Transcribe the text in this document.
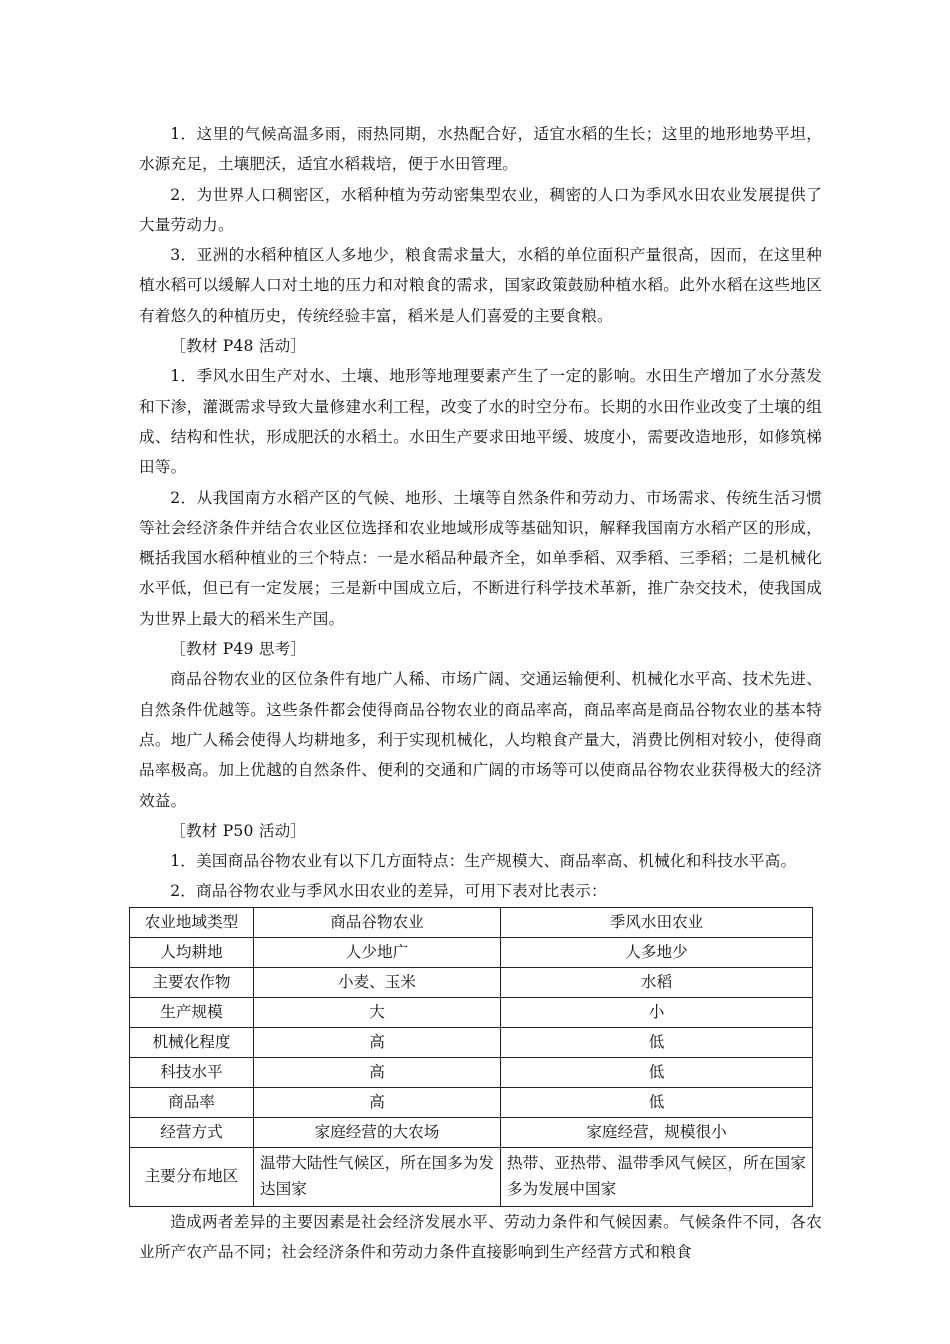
1．这里的气候高温多雨，雨热同期，水热配合好，适宜水稻的生长；这里的地形地势平坦，水源充足，土壤肥沃，适宜水稻栽培，便于水田管理。

2．为世界人口稠密区，水稻种植为劳动密集型农业，稠密的人口为季风水田农业发展提供了大量劳动力。

3．亚洲的水稻种植区人多地少，粮食需求量大，水稻的单位面积产量很高，因而，在这里种植水稻可以缓解人口对土地的压力和对粮食的需求，国家政策鼓励种植水稻。此外水稻在这些地区有着悠久的种植历史，传统经验丰富，稻米是人们喜爱的主要食粮。

［教材 P48 活动］

1．季风水田生产对水、土壤、地形等地理要素产生了一定的影响。水田生产增加了水分蒸发和下渗，灌溉需求导致大量修建水利工程，改变了水的时空分布。长期的水田作业改变了土壤的组成、结构和性状，形成肥沃的水稻土。水田生产要求田地平缓、坡度小，需要改造地形，如修筑梯田等。

2．从我国南方水稻产区的气候、地形、土壤等自然条件和劳动力、市场需求、传统生活习惯等社会经济条件并结合农业区位选择和农业地域形成等基础知识，解释我国南方水稻产区的形成，概括我国水稻种植业的三个特点：一是水稻品种最齐全，如单季稻、双季稻、三季稻；二是机械化水平低，但已有一定发展；三是新中国成立后，不断进行科学技术革新，推广杂交技术，使我国成为世界上最大的稻米生产国。

［教材 P49 思考］

商品谷物农业的区位条件有地广人稀、市场广阔、交通运输便利、机械化水平高、技术先进、自然条件优越等。这些条件都会使得商品谷物农业的商品率高，商品率高是商品谷物农业的基本特点。地广人稀会使得人均耕地多，利于实现机械化，人均粮食产量大，消费比例相对较小，使得商品率极高。加上优越的自然条件、便利的交通和广阔的市场等可以使商品谷物农业获得极大的经济效益。

［教材 P50 活动］

1．美国商品谷物农业有以下几方面特点：生产规模大、商品率高、机械化和科技水平高。

2．商品谷物农业与季风水田农业的差异，可用下表对比表示：

农业地域类型	商品谷物农业	季风水田农业
人均耕地	人少地广	人多地少
主要农作物	小麦、玉米	水稻
生产规模	大	小
机械化程度	高	低
科技水平	高	低
商品率	高	低
经营方式	家庭经营的大农场	家庭经营，规模很小
主要分布地区	温带大陆性气候区，所在国多为发达国家	热带、亚热带、温带季风气候区，所在国家多为发展中国家

造成两者差异的主要因素是社会经济发展水平、劳动力条件和气候因素。气候条件不同，各农业所产农产品不同；社会经济条件和劳动力条件直接影响到生产经营方式和粮食
